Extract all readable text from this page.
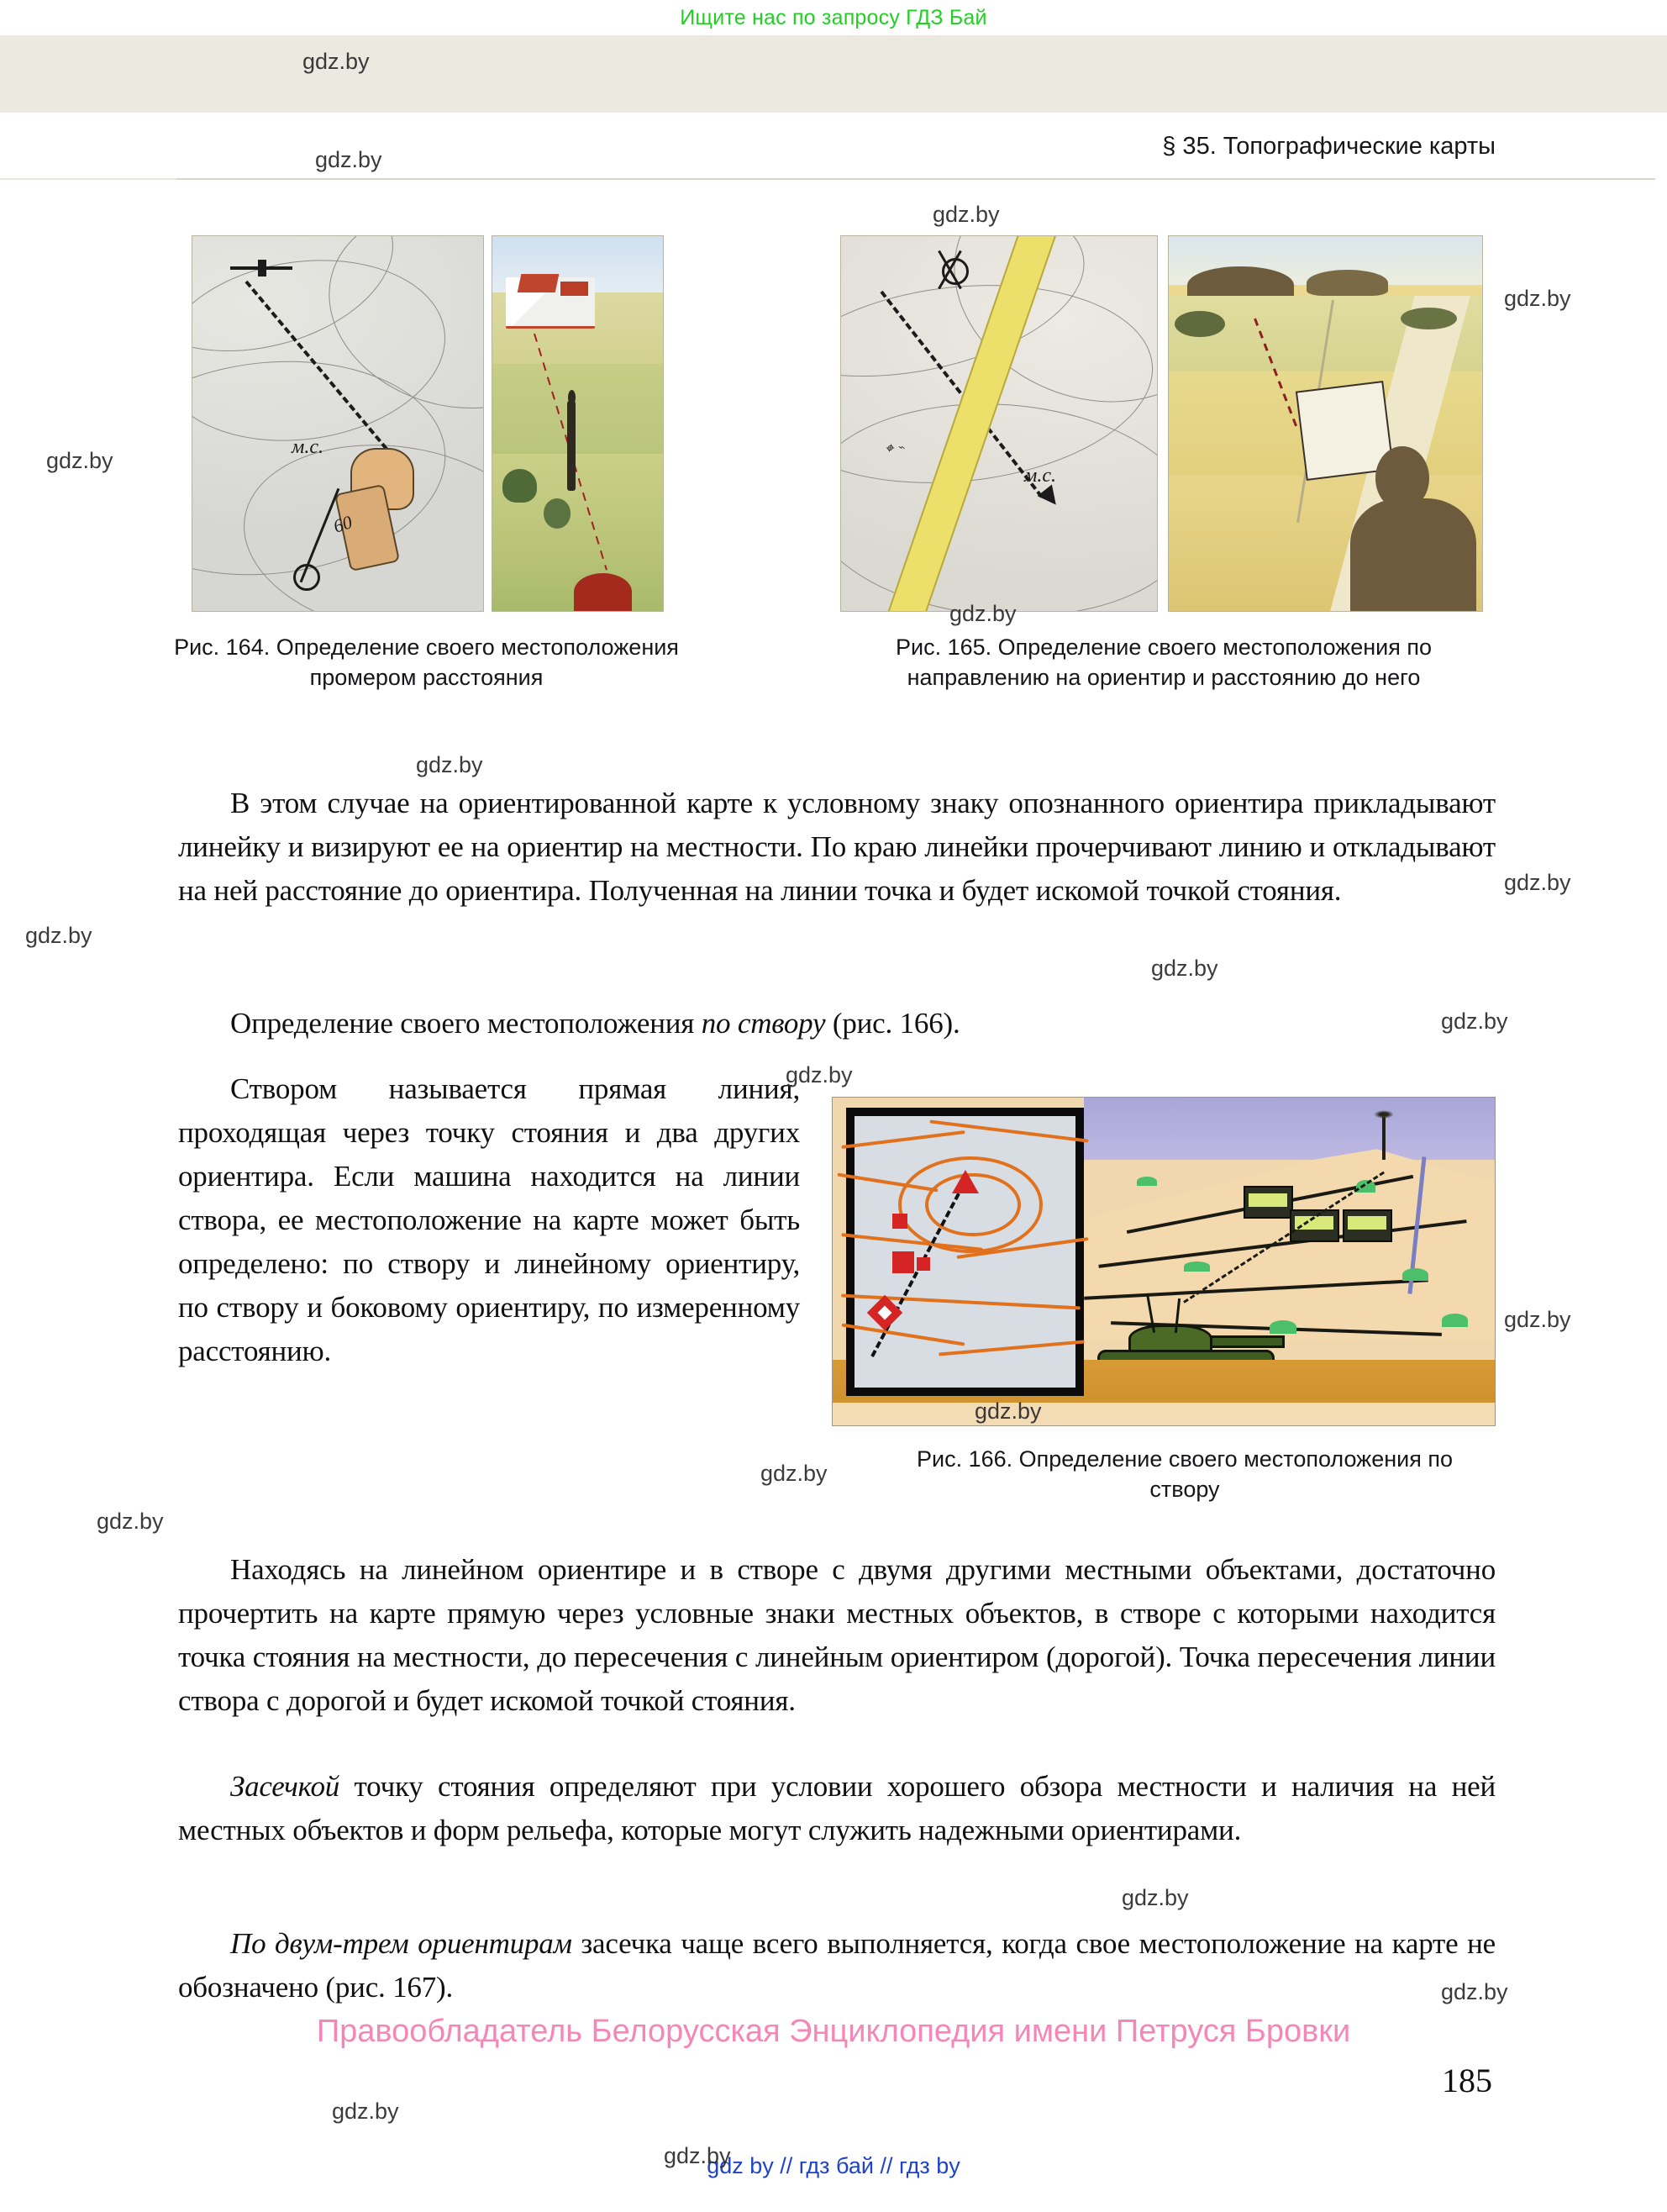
Ищите нас по запросу ГДЗ Бай
§ 35. Топографические карты
м.с.
60
м.с.
⌖ ⌁
Рис. 164. Определение своего местоположения промером расстояния
Рис. 165. Определение своего местоположения по направлению на ориентир и расстоянию до него
В этом случае на ориентированной карте к условному знаку опознанного ориентира прикладывают линейку и визируют ее на ориентир на местности. По краю линейки прочерчивают линию и откладывают на ней расстояние до ориентира. Полученная на линии точка и будет искомой точкой стояния.
Определение своего местоположения по створу (рис. 166).
Створом называется прямая линия, проходящая через точку стояния и два других ориентира. Если машина находится на линии створа, ее местоположение на карте может быть определено: по створу и линейному ориентиру, по створу и боковому ориентиру, по измеренному расстоянию.
Рис. 166. Определение своего местоположения по створу
Находясь на линейном ориентире и в створе с двумя другими местными объектами, достаточно прочертить на карте прямую через условные знаки местных объектов, в створе с которыми находится точка стояния на местности, до пересечения с линейным ориентиром (дорогой). Точка пересечения линии створа с дорогой и будет искомой точкой стояния.
Засечкой точку стояния определяют при условии хорошего обзора местности и наличия на ней местных объектов и форм рельефа, которые могут служить надежными ориентирами.
По двум-трем ориентирам засечка чаще всего выполняется, когда свое местоположение на карте не обозначено (рис. 167).
Правообладатель Белорусская Энциклопедия имени Петруся Бровки
185
gdz by // гдз бай // гдз by
gdz.by
gdz.by
gdz.by
gdz.by
gdz.by
gdz.by
gdz.by
gdz.by
gdz.by
gdz.by
gdz.by
gdz.by
gdz.by
gdz.by
gdz.by
gdz.by
gdz.by
gdz.by
gdz.by
gdz.by
